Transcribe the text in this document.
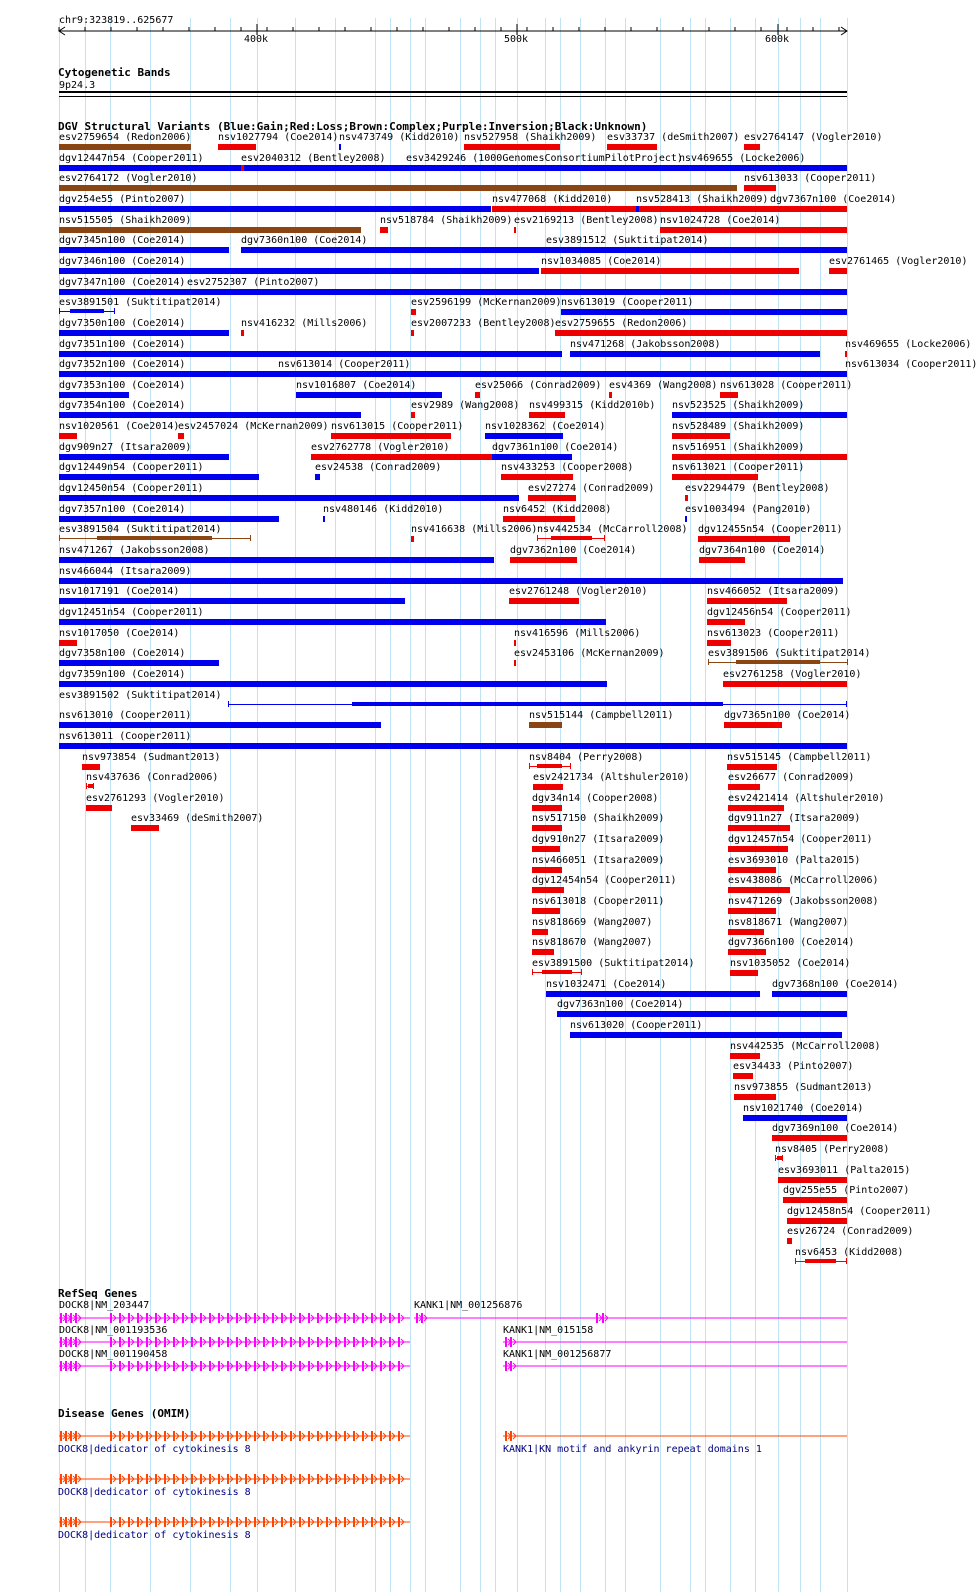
chr9:323819..625677
400k	500k	600k
Cytogenetic Bands
9p24.3
DGV Structural Variants (Blue:Gain;Red:Loss;Brown:Complex;Purple:Inversion;Black:Unknown)
esv2759654 (Redon2006)	nsv1027794 (Coe2014) nsv473749 (Kidd2010) nsv527958 (Shaikh2009) esv33737 (deSmith2007) esv2764147 (Vogler2010)
dgv12447n54 (Cooper2011)	esv2040312 (Bentley2008) esv3429246 (1000GenomesConsortiumPilotProject)
nsv469655 (Locke2006)
esv2764172 (Vogler2010)	nsv613033 (Cooper2011)
dgv254e55 (Pinto2007)	nsv477068 (Kidd2010) nsv528413 (Shaikh2009) dgv7367n100 (Coe2014)
nsv515505 (Shaikh2009)	nsv518784 (Shaikh2009) esv2169213 (Bentley2008) nsv1024728 (Coe2014)
dgv7345n100 (Coe2014)	dgv7360n100 (Coe2014)	esv3891512 (Suktitipat2014)
dgv7346n100 (Coe2014)	nsv1034085 (Coe2014)	esv2761465 (Vogler2010)
dgv7347n100 (Coe2014) esv2752307 (Pinto2007)
esv3891501 (Suktitipat2014)	esv2596199 (McKernan2009) nsv613019 (Cooper2011)
dgv7350n100 (Coe2014)	nsv416232 (Mills2006)	esv2007233 (Bentley2008) esv2759655 (Redon2006)
dgv7351n100 (Coe2014)	nsv471268 (Jakobsson2008)	nsv469655 (Locke2006)
dgv7352n100 (Coe2014)	nsv613014 (Cooper2011)	nsv613034 (Cooper2011)
dgv7353n100 (Coe2014)	nsv1016807 (Coe2014)	esv25066 (Conrad2009) esv4369 (Wang2008) nsv613028 (Cooper2011)
dgv7354n100 (Coe2014)	esv2989 (Wang2008) nsv499315 (Kidd2010b) nsv523525 (Shaikh2009)
nsv1020561 (Coe2014)
esv2457024 (McKernan2009) nsv613015 (Cooper2011) nsv1028362 (Coe2014)	nsv528489 (Shaikh2009)
dgv909n27 (Itsara2009)	esv2762778 (Vogler2010)	dgv7361n100 (Coe2014)	nsv516951 (Shaikh2009)
dgv12449n54 (Cooper2011)	esv24538 (Conrad2009)	nsv433253 (Cooper2008)	nsv613021 (Cooper2011)
dgv12450n54 (Cooper2011)	esv27274 (Conrad2009)	esv2294479 (Bentley2008)
dgv7357n100 (Coe2014)	nsv480146 (Kidd2010)	nsv6452 (Kidd2008)	esv1003494 (Pang2010)
esv3891504 (Suktitipat2014)	nsv416638 (Mills2006) nsv442534 (McCarroll2008) dgv12455n54 (Cooper2011)
nsv471267 (Jakobsson2008)	dgv7362n100 (Coe2014)	dgv7364n100 (Coe2014)
nsv466044 (Itsara2009)
nsv1017191 (Coe2014)	esv2761248 (Vogler2010)	nsv466052 (Itsara2009)
dgv12451n54 (Cooper2011)	dgv12456n54 (Cooper2011)
nsv1017050 (Coe2014)	nsv416596 (Mills2006)	nsv613023 (Cooper2011)
dgv7358n100 (Coe2014)	esv2453106 (McKernan2009)	esv3891506 (Suktitipat2014)
dgv7359n100 (Coe2014)	esv2761258 (Vogler2010)
esv3891502 (Suktitipat2014)
nsv613010 (Cooper2011)	nsv515144 (Campbell2011)	dgv7365n100 (Coe2014)
nsv613011 (Cooper2011)
nsv973854 (Sudmant2013)	nsv8404 (Perry2008)	nsv515145 (Campbell2011)
nsv437636 (Conrad2006)	esv2421734 (Altshuler2010)	esv26677 (Conrad2009)
esv2761293 (Vogler2010)	dgv34n14 (Cooper2008)	esv2421414 (Altshuler2010)
esv33469 (deSmith2007)	nsv517150 (Shaikh2009)	dgv911n27 (Itsara2009)
dgv910n27 (Itsara2009)	dgv12457n54 (Cooper2011)
nsv466051 (Itsara2009)	esv3693010 (Palta2015)
dgv12454n54 (Cooper2011)	esv438086 (McCarroll2006)
nsv613018 (Cooper2011)	nsv471269 (Jakobsson2008)
nsv818669 (Wang2007)	nsv818671 (Wang2007)
nsv818670 (Wang2007)	dgv7366n100 (Coe2014)
esv3891500 (Suktitipat2014)	nsv1035052 (Coe2014)
nsv1032471 (Coe2014)	dgv7368n100 (Coe2014)
dgv7363n100 (Coe2014)
nsv613020 (Cooper2011)
nsv442535 (McCarroll2008)
esv34433 (Pinto2007)
nsv973855 (Sudmant2013)
nsv1021740 (Coe2014)
dgv7369n100 (Coe2014)
nsv8405 (Perry2008)
esv3693011 (Palta2015)
dgv255e55 (Pinto2007)
dgv12458n54 (Cooper2011)
esv26724 (Conrad2009)
nsv6453 (Kidd2008)
RefSeq Genes
DOCK8|NM_203447	KANK1|NM_001256876
DOCK8|NM_001193536	KANK1|NM_015158
DOCK8|NM_001190458	KANK1|NM_001256877
Disease Genes (OMIM)
DOCK8|dedicator of cytokinesis 8	KANK1|KN motif and ankyrin repeat domains 1
DOCK8|dedicator of cytokinesis 8
DOCK8|dedicator of cytokinesis 8
